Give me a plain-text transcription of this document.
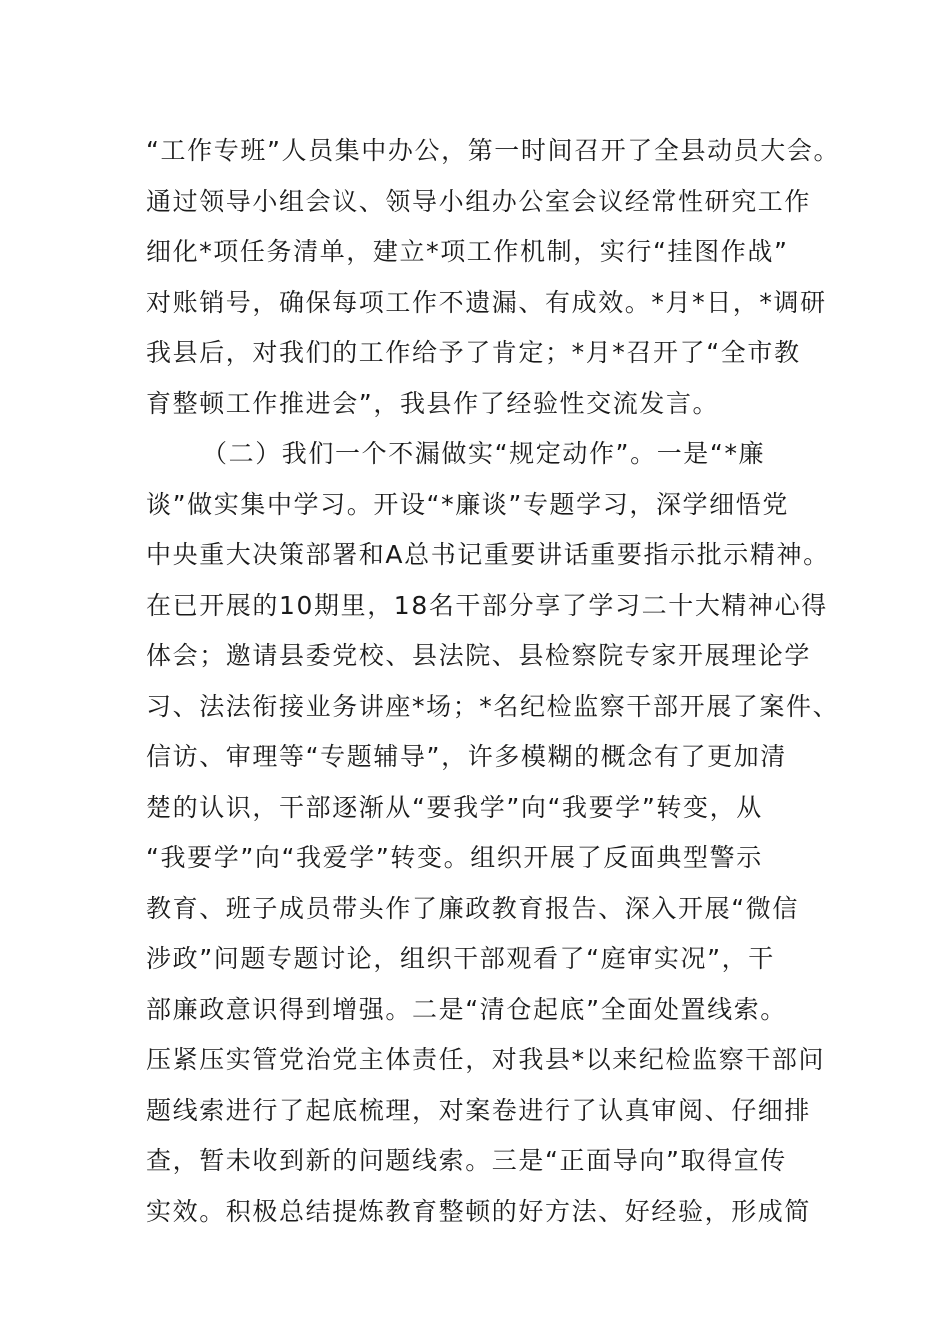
“工作专班”人员集中办公，第一时间召开了全县动员大会。
通过领导小组会议、领导小组办公室会议经常性研究工作
细化*项任务清单，建立*项工作机制，实行“挂图作战”
对账销号，确保每项工作不遗漏、有成效。*月*日，*调研
我县后，对我们的工作给予了肯定；*月*召开了“全市教
育整顿工作推进会”，我县作了经验性交流发言。
（二）我们一个不漏做实“规定动作”。一是“*廉
谈”做实集中学习。开设“*廉谈”专题学习，深学细悟党
中央重大决策部署和A总书记重要讲话重要指示批示精神。
在已开展的10期里，18名干部分享了学习二十大精神心得
体会；邀请县委党校、县法院、县检察院专家开展理论学
习、法法衔接业务讲座*场；*名纪检监察干部开展了案件、
信访、审理等“专题辅导”，许多模糊的概念有了更加清
楚的认识，干部逐渐从“要我学”向“我要学”转变，从
“我要学”向“我爱学”转变。组织开展了反面典型警示
教育、班子成员带头作了廉政教育报告、深入开展“微信
涉政”问题专题讨论，组织干部观看了“庭审实况”，干
部廉政意识得到增强。二是“清仓起底”全面处置线索。
压紧压实管党治党主体责任，对我县*以来纪检监察干部问
题线索进行了起底梳理，对案卷进行了认真审阅、仔细排
查，暂未收到新的问题线索。三是“正面导向”取得宣传
实效。积极总结提炼教育整顿的好方法、好经验，形成简
